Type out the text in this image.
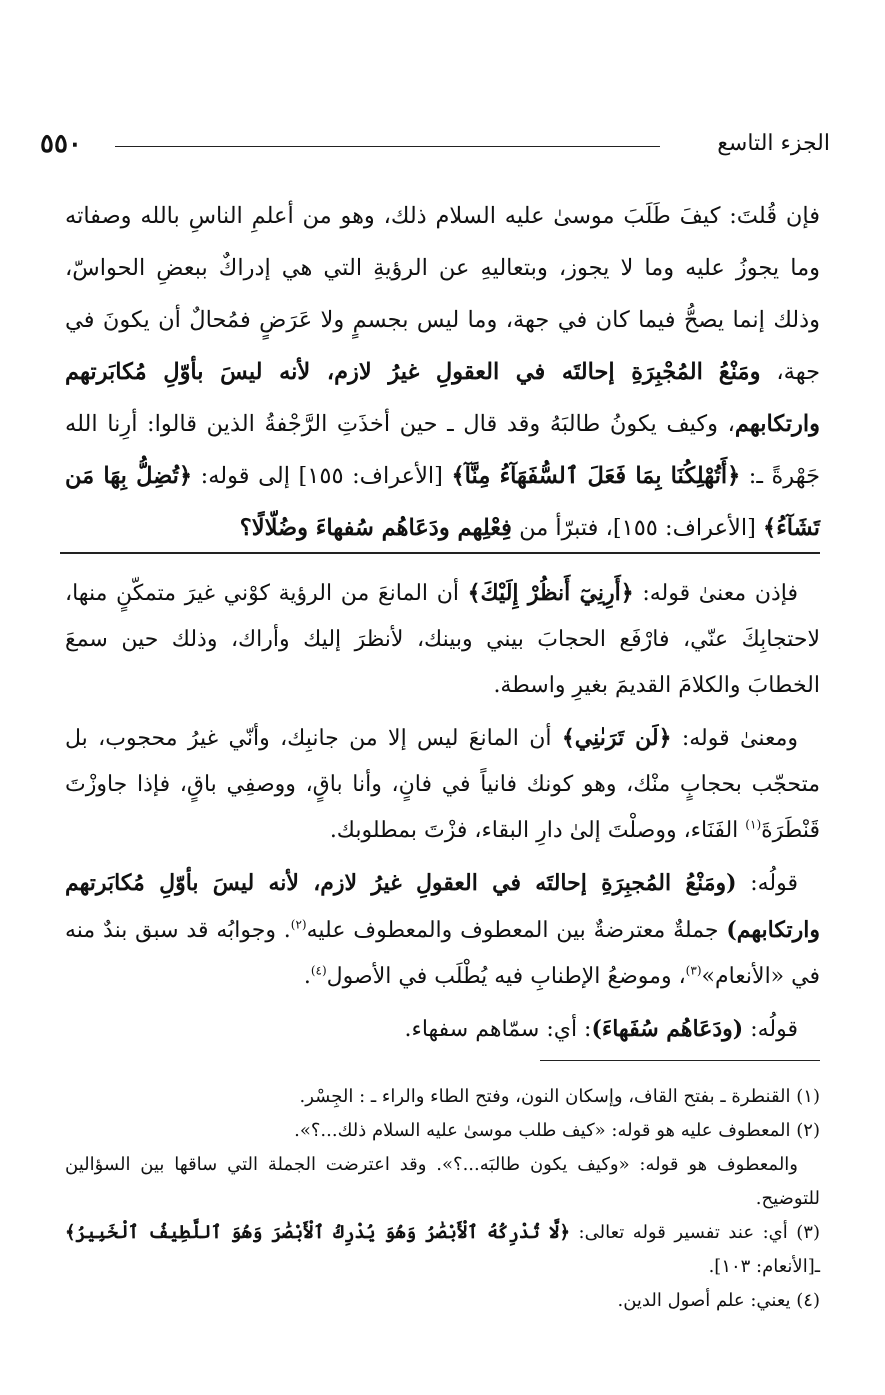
٥٥٠	الجزء التاسع

فإن قُلتَ: كيفَ طَلَبَ موسىٰ عليه السلام ذلك، وهو من أعلمِ الناسِ بالله وصفاته وما يجوزُ عليه وما لا يجوز، وبتعاليهِ عن الرؤيةِ التي هي إدراكٌ ببعضِ الحواسّ، وذلك إنما يصحُّ فيما كان في جهة، وما ليس بجسمٍ ولا عَرَضٍ فمُحالٌ أن يكونَ في جهة، ومَنْعُ المُجْبِرَةِ إحالتَه في العقولِ غيرُ لازم، لأنه ليسَ بأوّلِ مُكابَرتهم وارتكابهم، وكيف يكونُ طالبَهُ وقد قال ـ حين أخذَتِ الرَّجْفةُ الذين قالوا: أرِنا الله جَهْرةً ـ: ﴿أَتُهْلِكُنَا بِمَا فَعَلَ ٱلسُّفَهَآءُ مِنَّآ﴾ [الأعراف: ١٥٥] إلى قوله: ﴿تُضِلُّ بِهَا مَن تَشَآءُ﴾ [الأعراف: ١٥٥]، فتبرّأ من فِعْلِهم ودَعَاهُم سُفهاءَ وضُلّالًا؟

فإذن معنىٰ قوله: ﴿أَرِنِيٓ أَنظُرْ إِلَيْكَ﴾ أن المانعَ من الرؤية كوْني غيرَ متمكّنٍ منها، لاحتجابِكَ عنّي، فارْفَع الحجابَ بيني وبينك، لأنظرَ إليك وأراك، وذلك حين سمعَ الخطابَ والكلامَ القديمَ بغيرِ واسطة.

ومعنىٰ قوله: ﴿لَن تَرَىٰنِي﴾ أن المانعَ ليس إلا من جانبِك، وأنّي غيرُ محجوب، بل متحجّب بحجابٍ منْك، وهو كونك فانياً في فانٍ، وأنا باقٍ، ووصفِي باقٍ، فإذا جاوزْتَ قَنْطَرَةَ$^{(١)}$ الفَنَاء، ووصلْتَ إلىٰ دارِ البقاء، فزْتَ بمطلوبك.

قولُه: (ومَنْعُ المُجبِرَةِ إحالتَه في العقولِ غيرُ لازم، لأنه ليسَ بأوّلِ مُكابَرتهم وارتكابهم) جملةٌ معترضةٌ بين المعطوف والمعطوف عليه$^{(٢)}$. وجوابُه قد سبق بندٌ منه في «الأنعام»$^{(٣)}$، وموضعُ الإطنابِ فيه يُطْلَب في الأصول$^{(٤)}$.

قولُه: (ودَعَاهُم سُفَهاءَ): أي: سمّاهم سفهاء.

(١) القنطرة ـ بفتح القاف، وإسكان النون، وفتح الطاء والراء ـ : الجِسْر.

(٢) المعطوف عليه هو قوله: «كيف طلب موسىٰ عليه السلام ذلك...؟».

والمعطوف هو قوله: «وكيف يكون طالبَه...؟». وقد اعترضت الجملة التي ساقها بين السؤالين للتوضيح.

(٣) أي: عند تفسير قوله تعالى: ﴿لَّا تُدْرِكُهُ ٱلْأَبْصَٰرُ وَهُوَ يُدْرِكُ ٱلْأَبْصَٰرَ وَهُوَ ٱللَّطِيفُ ٱلْخَبِيرُ﴾ ـ[الأنعام: ١٠٣].

(٤) يعني: علم أصول الدين.
